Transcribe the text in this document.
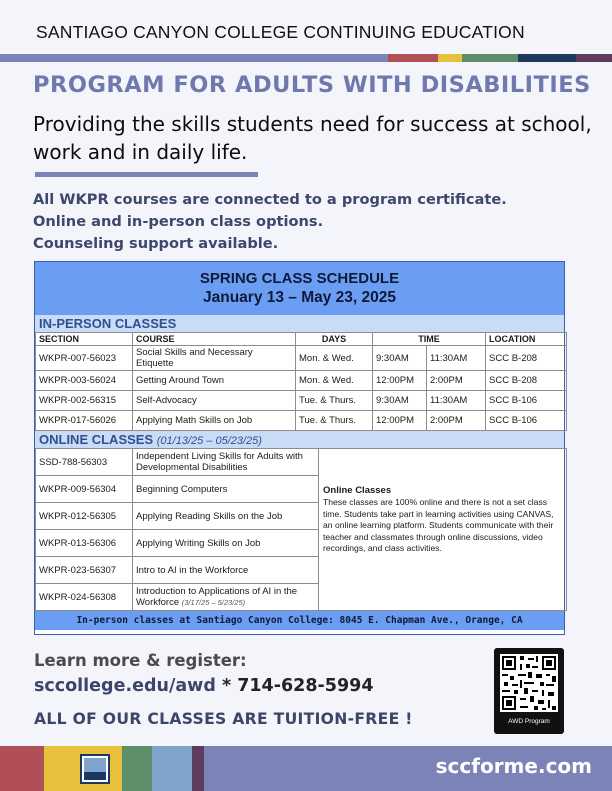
SANTIAGO CANYON COLLEGE CONTINUING EDUCATION
PROGRAM FOR ADULTS WITH DISABILITIES
Providing the skills students need for success at school, work and in daily life.
All WKPR courses are connected to a program certificate.
Online and in-person class options.
Counseling support available.
SPRING CLASS SCHEDULE
January 13 – May 23, 2025
IN-PERSON CLASSES
SECTION	COURSE	DAYS	TIME		LOCATION
WKPR-007-56023	Social Skills and Necessary Etiquette	Mon. & Wed.	9:30AM	11:30AM	SCC B-208
WKPR-003-56024	Getting Around Town	Mon. & Wed.	12:00PM	2:00PM	SCC B-208
WKPR-002-56315	Self-Advocacy	Tue. & Thurs.	9:30AM	11:30AM	SCC B-106
WKPR-017-56026	Applying Math Skills on Job	Tue. & Thurs.	12:00PM	2:00PM	SCC B-106
ONLINE CLASSES (01/13/25 – 05/23/25)
SSD-788-56303	Independent Living Skills for Adults with Developmental Disabilities	Online Classes
These classes are 100% online and there is not a set class time. Students take part in learning activities using CANVAS, an online learning platform. Students communicate with their teacher and classmates through online discussions, video recordings, and class activities.
WKPR-009-56304	Beginning Computers	
WKPR-012-56305	Applying Reading Skills on the Job	
WKPR-013-56306	Applying Writing Skills on Job	
WKPR-023-56307	Intro to AI in the Workforce	
WKPR-024-56308	Introduction to Applications of AI in the Workforce (3/17/25 – 5/23/25)	
In-person classes at Santiago Canyon College: 8045 E. Chapman Ave., Orange, CA
Learn more & register:
sccollege.edu/awd * 714-628-5994
ALL OF OUR CLASSES ARE TUITION-FREE !	AWD Program
sccforme.com
